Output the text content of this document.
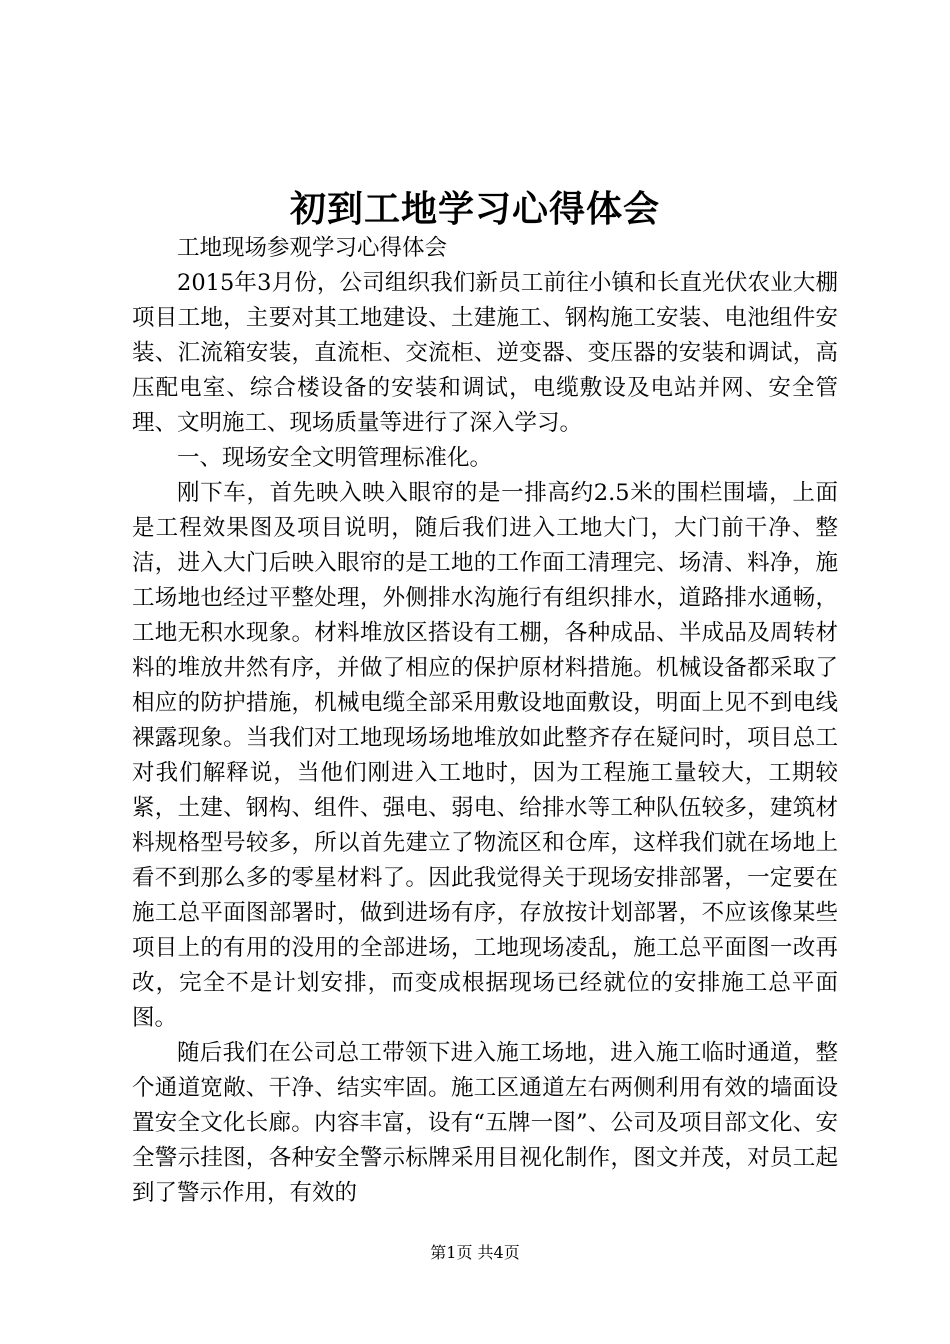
初到工地学习心得体会

工地现场参观学习心得体会

2015年3月份，公司组织我们新员工前往小镇和长直光伏农业大棚项目工地，主要对其工地建设、土建施工、钢构施工安装、电池组件安装、汇流箱安装，直流柜、交流柜、逆变器、变压器的安装和调试，高压配电室、综合楼设备的安装和调试，电缆敷设及电站并网、安全管理、文明施工、现场质量等进行了深入学习。

一、现场安全文明管理标准化。

刚下车，首先映入映入眼帘的是一排高约2.5米的围栏围墙，上面是工程效果图及项目说明，随后我们进入工地大门，大门前干净、整洁，进入大门后映入眼帘的是工地的工作面工清理完、场清、料净，施工场地也经过平整处理，外侧排水沟施行有组织排水，道路排水通畅，工地无积水现象。材料堆放区搭设有工棚，各种成品、半成品及周转材料的堆放井然有序，并做了相应的保护原材料措施。机械设备都采取了相应的防护措施，机械电缆全部采用敷设地面敷设，明面上见不到电线裸露现象。当我们对工地现场场地堆放如此整齐存在疑问时，项目总工对我们解释说，当他们刚进入工地时，因为工程施工量较大，工期较紧，土建、钢构、组件、强电、弱电、给排水等工种队伍较多，建筑材料规格型号较多，所以首先建立了物流区和仓库，这样我们就在场地上看不到那么多的零星材料了。因此我觉得关于现场安排部署，一定要在施工总平面图部署时，做到进场有序，存放按计划部署，不应该像某些项目上的有用的没用的全部进场，工地现场凌乱，施工总平面图一改再改，完全不是计划安排，而变成根据现场已经就位的安排施工总平面图。

随后我们在公司总工带领下进入施工场地，进入施工临时通道，整个通道宽敞、干净、结实牢固。施工区通道左右两侧利用有效的墙面设置安全文化长廊。内容丰富，设有“五牌一图”、公司及项目部文化、安全警示挂图，各种安全警示标牌采用目视化制作，图文并茂，对员工起到了警示作用，有效的

第1页 共4页
